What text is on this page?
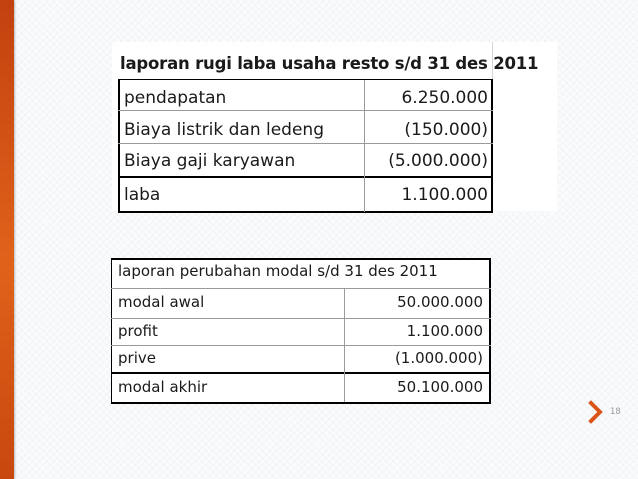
laporan rugi laba usaha resto s/d 31 des 2011
pendapatan	6.250.000
Biaya listrik dan ledeng	(150.000)
Biaya gaji karyawan	(5.000.000)
laba	1.100.000
laporan perubahan modal s/d 31 des 2011
modal awal	50.000.000
profit	1.100.000
prive	(1.000.000)
modal akhir	50.100.000
18
